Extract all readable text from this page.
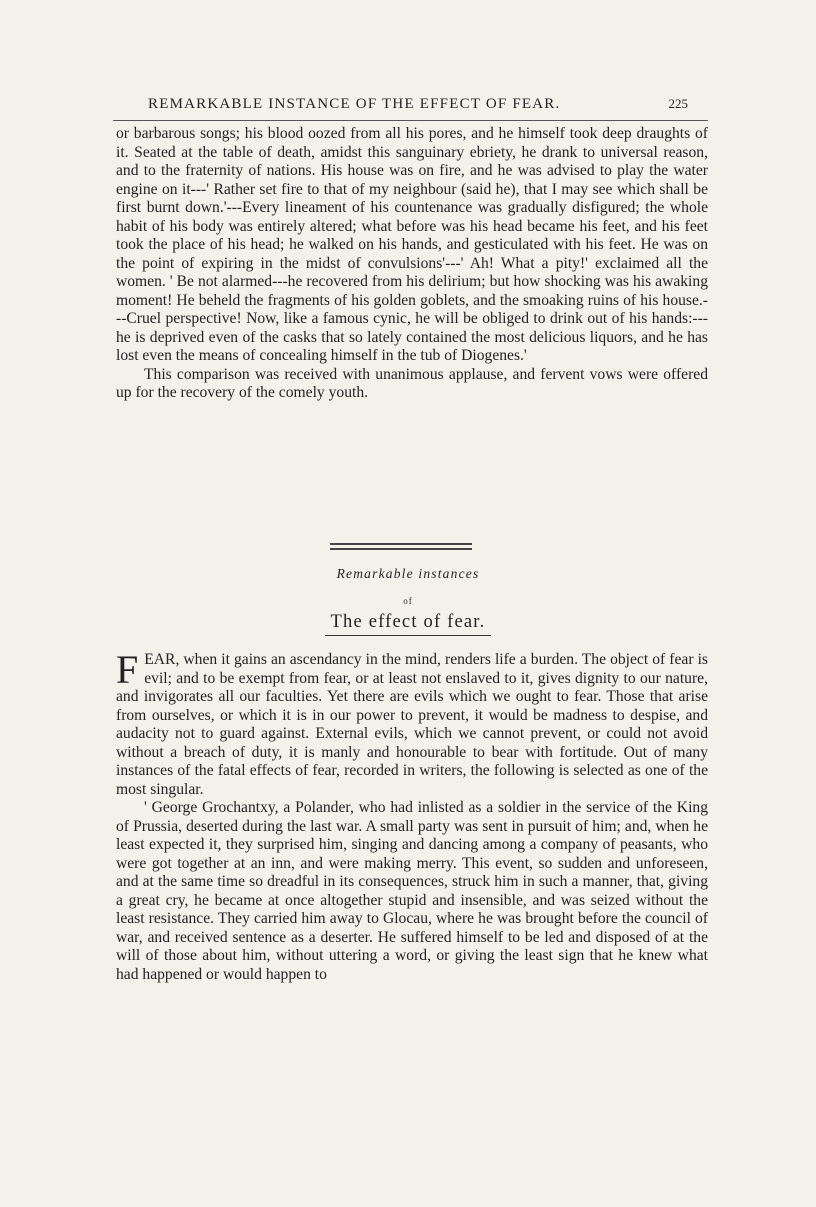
REMARKABLE INSTANCE OF THE EFFECT OF FEAR.	225

or barbarous songs; his blood oozed from all his pores, and he himself took deep draughts of it. Seated at the table of death, amidst this sanguinary ebriety, he drank to universal reason, and to the fraternity of nations. His house was on fire, and he was advised to play the water engine on it---' Rather set fire to that of my neighbour (said he), that I may see which shall be first burnt down.'---Every lineament of his countenance was gradually disfigured; the whole habit of his body was entirely altered; what before was his head became his feet, and his feet took the place of his head; he walked on his hands, and gesticulated with his feet. He was on the point of expiring in the midst of convulsions'---' Ah! What a pity!' exclaimed all the women. ' Be not alarmed---he recovered from his delirium; but how shocking was his awaking moment! He beheld the fragments of his golden goblets, and the smoaking ruins of his house.---Cruel perspective! Now, like a famous cynic, he will be obliged to drink out of his hands:---he is deprived even of the casks that so lately contained the most delicious liquors, and he has lost even the means of concealing himself in the tub of Diogenes.'

This comparison was received with unanimous applause, and fervent vows were offered up for the recovery of the comely youth.

Remarkable instances
of
The effect of fear.

FEAR, when it gains an ascendancy in the mind, renders life a burden. The object of fear is evil; and to be exempt from fear, or at least not enslaved to it, gives dignity to our nature, and invigorates all our faculties. Yet there are evils which we ought to fear. Those that arise from ourselves, or which it is in our power to prevent, it would be madness to despise, and audacity not to guard against. External evils, which we cannot prevent, or could not avoid without a breach of duty, it is manly and honourable to bear with fortitude. Out of many instances of the fatal effects of fear, recorded in writers, the following is selected as one of the most singular.

' George Grochantxy, a Polander, who had inlisted as a soldier in the service of the King of Prussia, deserted during the last war. A small party was sent in pursuit of him; and, when he least expected it, they surprised him, singing and dancing among a company of peasants, who were got together at an inn, and were making merry. This event, so sudden and unforeseen, and at the same time so dreadful in its consequences, struck him in such a manner, that, giving a great cry, he became at once altogether stupid and insensible, and was seized without the least resistance. They carried him away to Glocau, where he was brought before the council of war, and received sentence as a deserter. He suffered himself to be led and disposed of at the will of those about him, without uttering a word, or giving the least sign that he knew what had happened or would happen to
